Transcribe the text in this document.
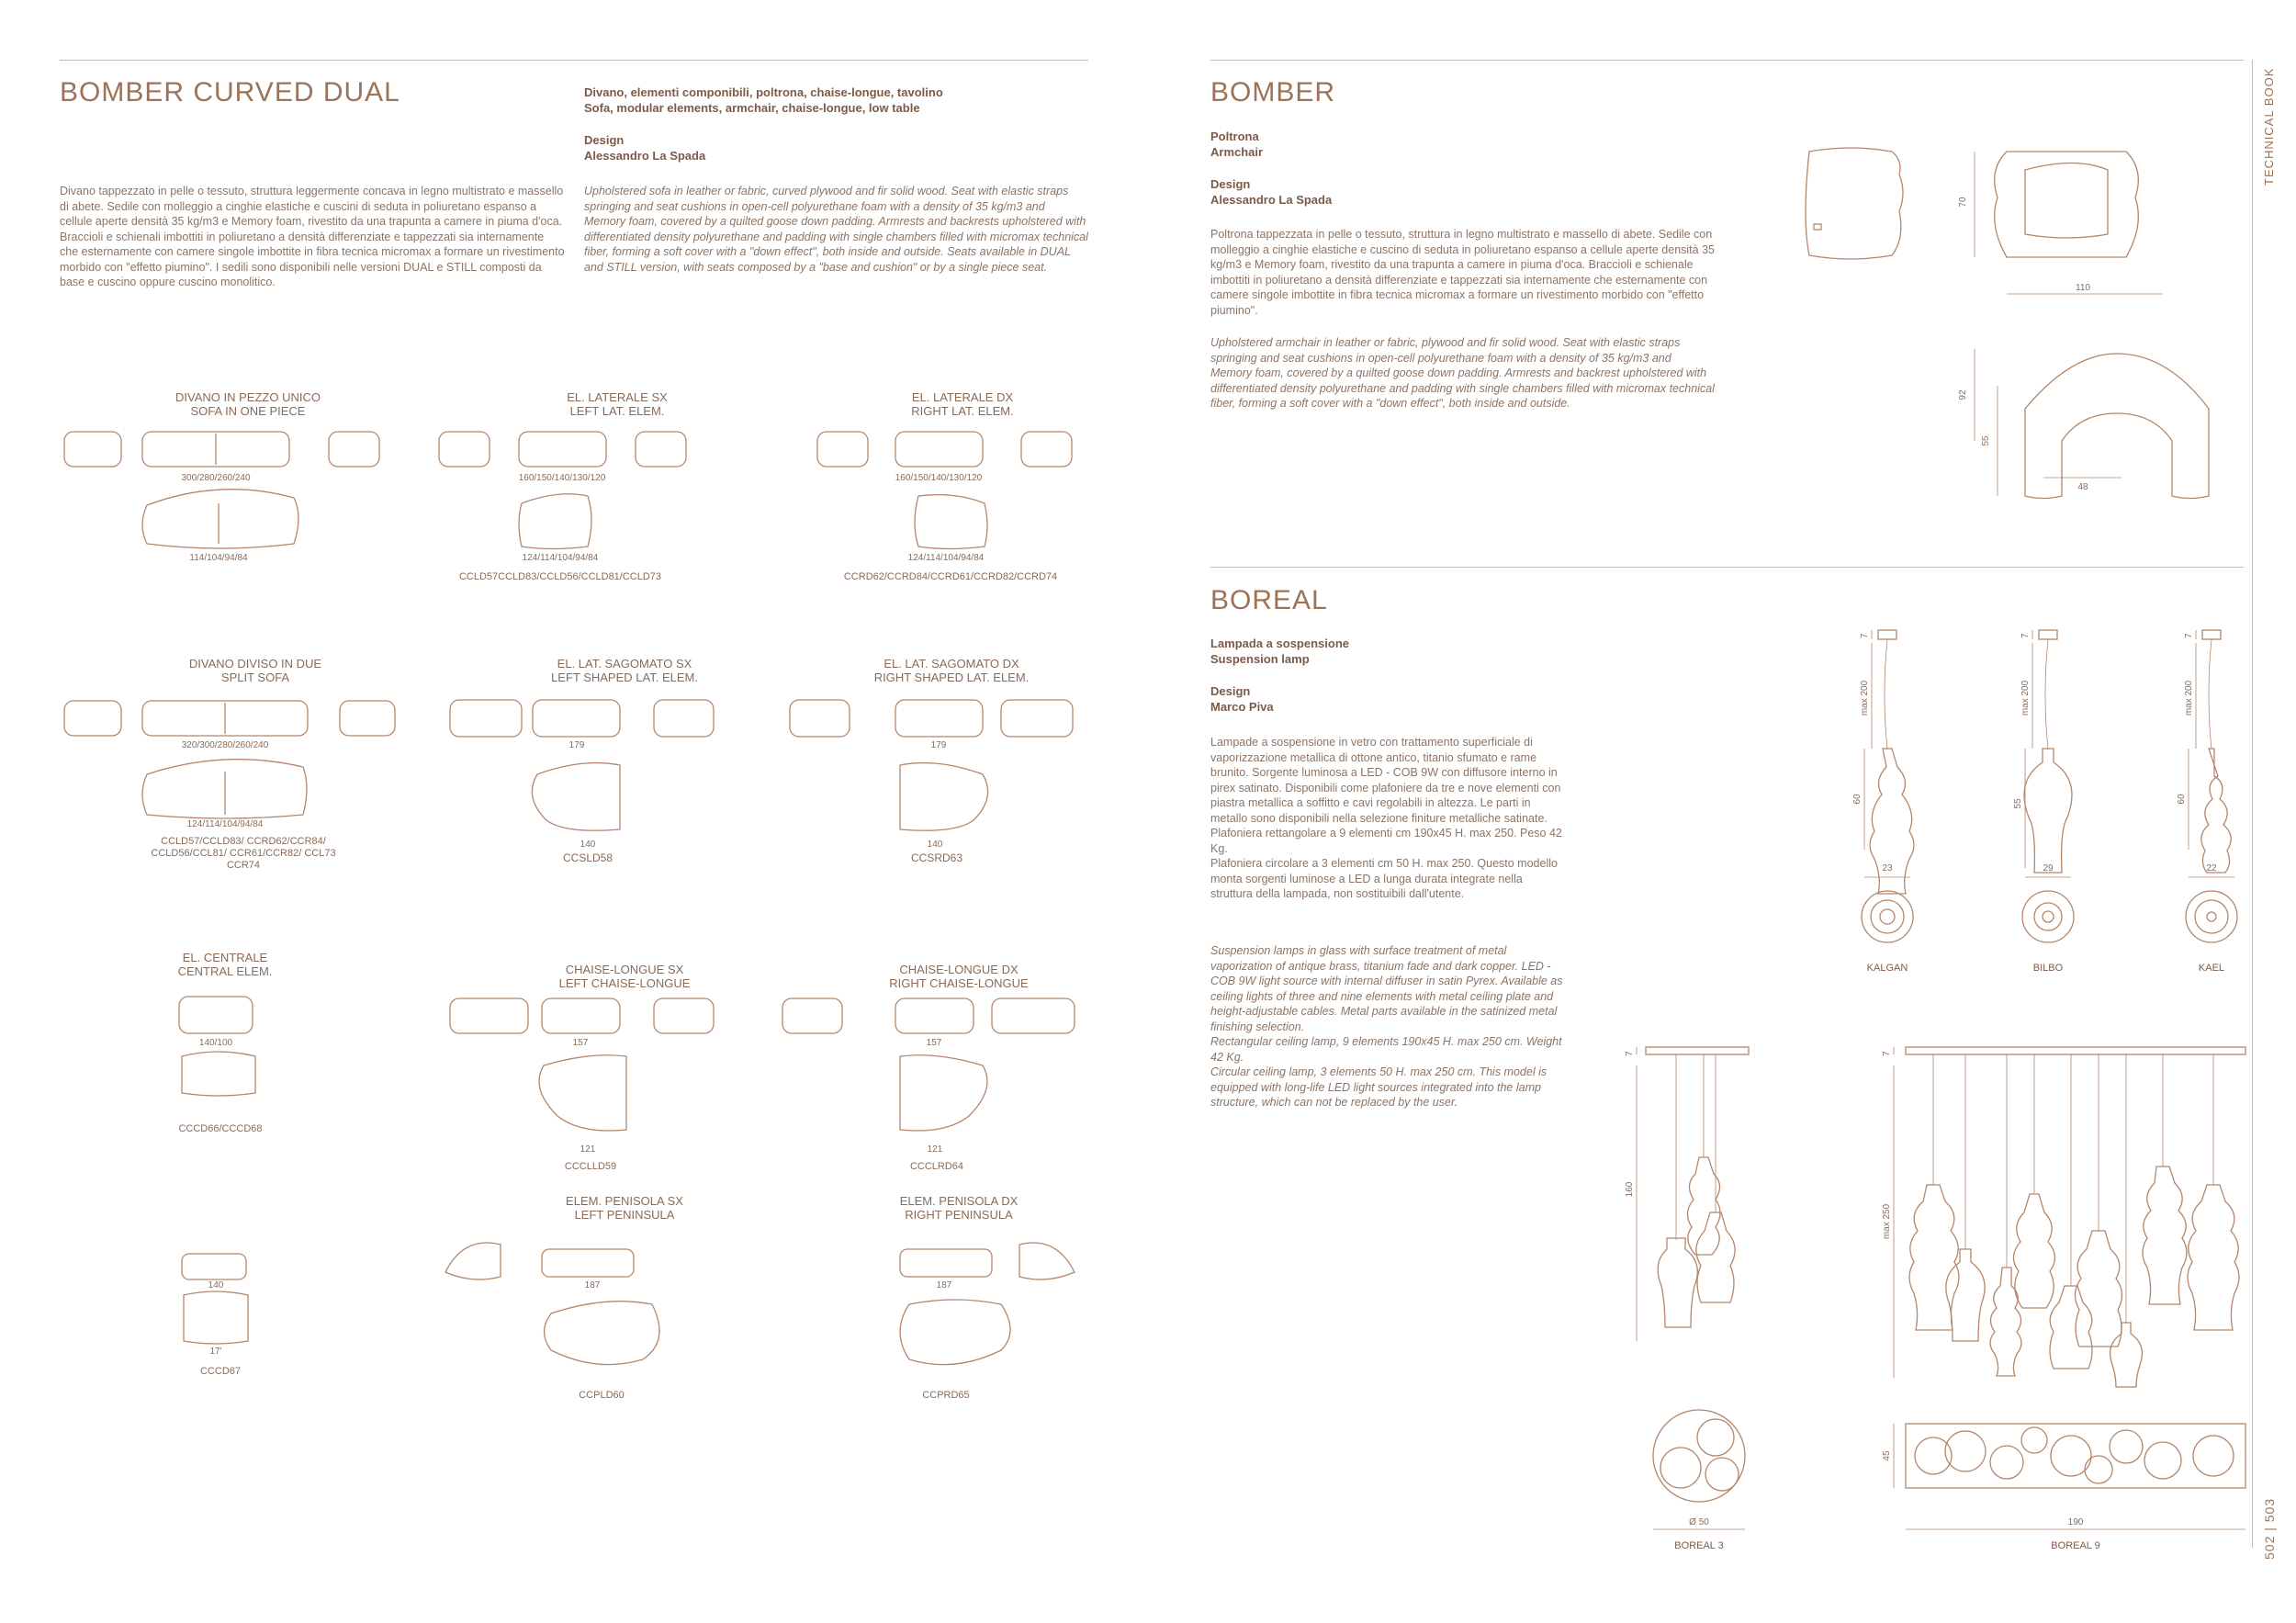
BOMBER CURVED DUAL	Divano, elementi componibili, poltrona, chaise-longue, tavolino
Sofa, modular elements, armchair, chaise-longue, low table
Design
Alessandro La Spada
Divano tappezzato in pelle o tessuto, struttura leggermente concava in legno multistrato e massello di abete. Sedile con molleggio a cinghie elastiche e cuscini di seduta in poliuretano espanso a cellule aperte densità 35 kg/m3 e Memory foam, rivestito da una trapunta a camere in piuma d'oca. Braccioli e schienali imbottiti in poliuretano a densità differenziate e tappezzati sia internamente che esternamente con camere singole imbottite in fibra tecnica micromax a formare un rivestimento morbido con "effetto piumino". I sedili sono disponibili nelle versioni DUAL e STILL composti da base e cuscino oppure cuscino monolitico.
Upholstered sofa in leather or fabric, curved plywood and fir solid wood. Seat with elastic straps springing and seat cushions in open-cell polyurethane foam with a density of 35 kg/m3 and Memory foam, covered by a quilted goose down padding. Armrests and backrests upholstered with differentiated density polyurethane and padding with single chambers filled with micromax technical fiber, forming a soft cover with a "down effect", both inside and outside. Seats available in DUAL and STILL version, with seats composed by a "base and cushion" or by a single piece seat.
DIVANO IN PEZZO UNICO
SOFA IN ONE PIECE
EL. LATERALE SX
LEFT LAT. ELEM.
EL. LATERALE DX
RIGHT LAT. ELEM.
DIVANO DIVISO IN DUE
SPLIT SOFA
EL. LAT. SAGOMATO SX
LEFT SHAPED LAT. ELEM.
EL. LAT. SAGOMATO DX
RIGHT SHAPED LAT. ELEM.
EL. CENTRALE
CENTRAL ELEM.	CHAISE-LONGUE SX
LEFT CHAISE-LONGUE
CHAISE-LONGUE DX
RIGHT CHAISE-LONGUE
ELEM. PENISOLA SX
LEFT PENINSULA
ELEM. PENISOLA DX
RIGHT PENINSULA
300/280/260/240
114/104/94/84
160/150/140/130/120
124/114/104/94/84
160/150/140/130/120
124/114/104/94/84
320/300/280/260/240
124/114/104/94/84
179
140
179
140
140/100	157
121
157
121
140
17'
187	187
CCLD57CCLD83/CCLD56/CCLD81/CCLD73	CCRD62/CCRD84/CCRD61/CCRD82/CCRD74
CCLD57/CCLD83/ CCRD62/CCR84/ CCLD56/CCL81/ CCR61/CCR82/ CCL73 CCR74
CCSLD58	CCSRD63
CCCD66/CCCD68
CCCLLD59	CCCLRD64
CCCD67
CCPLD60	CCPRD65
BOMBER
Poltrona
Armchair
Design
Alessandro La Spada
Poltrona tappezzata in pelle o tessuto, struttura in legno multistrato e massello di abete. Sedile con molleggio a cinghie elastiche e cuscino di seduta in poliuretano espanso a cellule aperte densità 35 kg/m3 e Memory foam, rivestito da una trapunta a camere in piuma d'oca. Braccioli e schienale imbottiti in poliuretano a densità differenziate e tappezzati sia internamente che esternamente con camere singole imbottite in fibra tecnica micromax a formare un rivestimento morbido con "effetto piumino".
Upholstered armchair in leather or fabric, plywood and fir solid wood. Seat with elastic straps springing and seat cushions in open-cell polyurethane foam with a density of 35 kg/m3 and Memory foam, covered by a quilted goose down padding. Armrests and backrest upholstered with differentiated density polyurethane and padding with single chambers filled with micromax technical fiber, forming a soft cover with a "down effect", both inside and outside.
70
110
92
55
48
BOREAL
Lampada a sospensione
Suspension lamp
Design
Marco Piva
Lampade a sospensione in vetro con trattamento superficiale di vaporizzazione metallica di ottone antico, titanio sfumato e rame brunito. Sorgente luminosa a LED - COB 9W con diffusore interno in pirex satinato. Disponibili come plafoniere da tre e nove elementi con piastra metallica a soffitto e cavi regolabili in altezza. Le parti in metallo sono disponibili nella selezione finiture metalliche satinate.
Plafoniera rettangolare a 9 elementi cm 190x45 H. max 250. Peso 42 Kg.
Plafoniera circolare a 3 elementi cm 50 H. max 250. Questo modello monta sorgenti luminose a LED a lunga durata integrate nella struttura della lampada, non sostituibili dall'utente.
Suspension lamps in glass with surface treatment of metal vaporization of antique brass, titanium fade and dark copper. LED - COB 9W light source with internal diffuser in satin Pyrex. Available as ceiling lights of three and nine elements with metal ceiling plate and height-adjustable cables. Metal parts available in the satinized metal finishing selection.
Rectangular ceiling lamp, 9 elements 190x45 H. max 250 cm. Weight 42 Kg.
Circular ceiling lamp, 3 elements 50 H. max 250 cm. This model is equipped with long-life LED light sources integrated into the lamp structure, which can not be replaced by the user.
7	7	7
max 200	max 200	max 200
60	55	60
23	29	22
7
160
7
max 250
45
Ø 50	190
KALGAN	BILBO	KAEL
BOREAL 3	BOREAL 9
TECHNICAL BOOK
502 | 503
